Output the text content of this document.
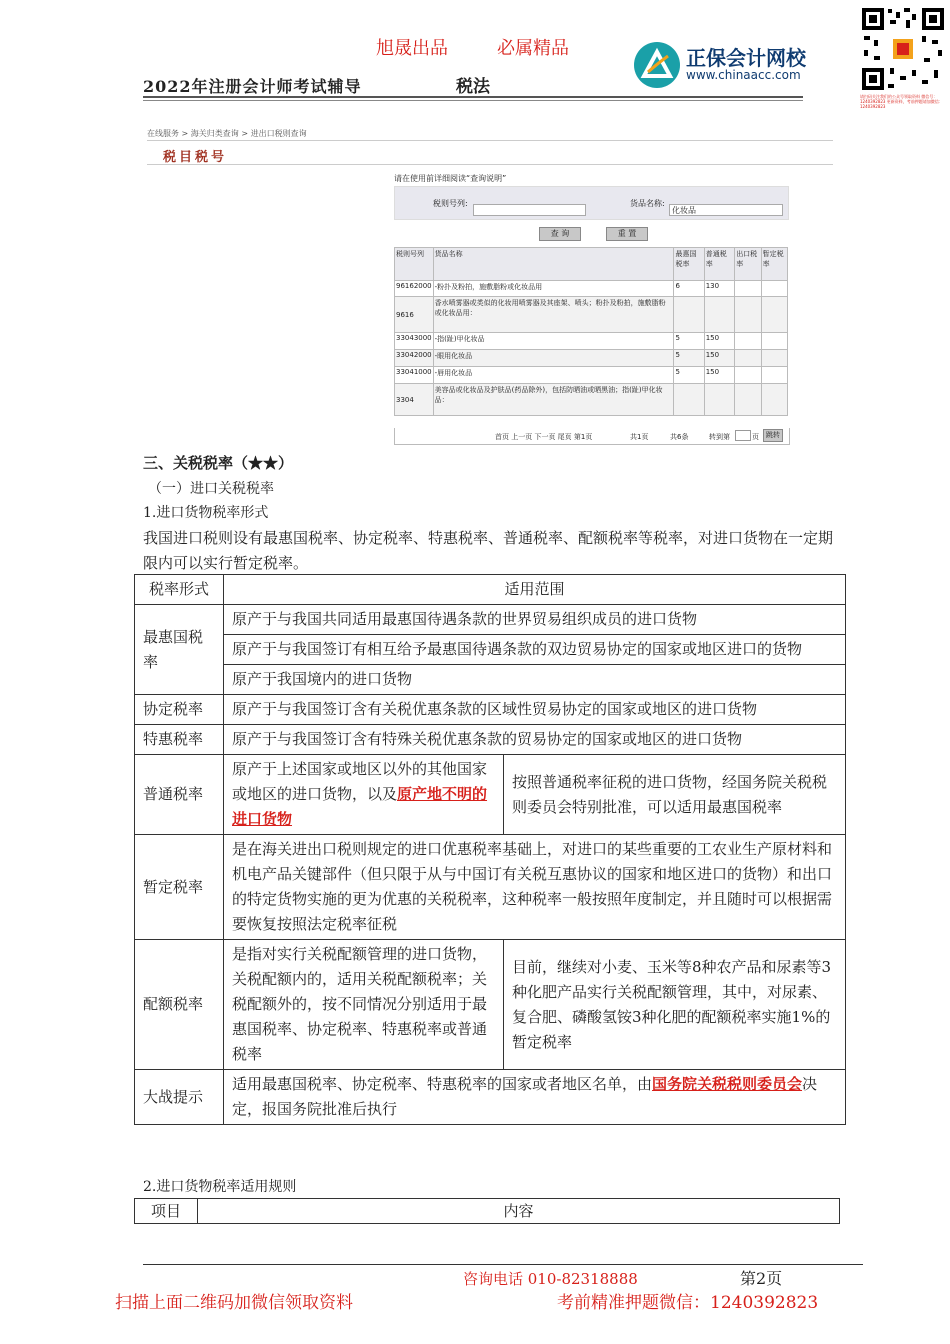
旭晟出品	必属精品	正保会计网校
www.chinaacc.com
请扫码关注我们的公众号领取资料 微信号：1240392823 更新资料，考前押题请加微信：1240392823
2022年注册会计师考试辅导	税法
在线服务 > 海关归类查询 > 进出口税则查询
税目税号
请在使用前详细阅读“查询说明”
税则号列:	货品名称:
化妆品
查 询	重 置
税则号列	货品名称	最惠国税率	普通税率	出口税率	暂定税率
96162000	-粉扑及粉拍，施敷脂粉或化妆品用	6	130		
9616	香水喷雾器或类似的化妆用喷雾器及其座架、喷头；粉扑及粉拍，施敷脂粉或化妆品用：				
33043000	-指(趾)甲化妆品	5	150		
33042000	-眼用化妆品	5	150		
33041000	-唇用化妆品	5	150		
3304	美容品或化妆品及护肤品(药品除外)，包括防晒油或晒黑油；指(趾)甲化妆品：				
首页 上一页 下一页 尾页 第1页	共1页	共6条	转到第	页	跳转
三、关税税率（★★）
（一）进口关税税率
1.进口货物税率形式
我国进口税则设有最惠国税率、协定税率、特惠税率、普通税率、配额税率等税率，对进口货物在一定期限内可以实行暂定税率。
税率形式	适用范围	
最惠国税率	原产于与我国共同适用最惠国待遇条款的世界贸易组织成员的进口货物	
	原产于与我国签订有相互给予最惠国待遇条款的双边贸易协定的国家或地区进口的货物	
	原产于我国境内的进口货物	
协定税率	原产于与我国签订含有关税优惠条款的区域性贸易协定的国家或地区的进口货物	
特惠税率	原产于与我国签订含有特殊关税优惠条款的贸易协定的国家或地区的进口货物	
普通税率	原产于上述国家或地区以外的其他国家或地区的进口货物，以及原产地不明的进口货物	按照普通税率征税的进口货物，经国务院关税税则委员会特别批准，可以适用最惠国税率
暂定税率	是在海关进出口税则规定的进口优惠税率基础上，对进口的某些重要的工农业生产原材料和机电产品关键部件（但只限于从与中国订有关税互惠协议的国家和地区进口的货物）和出口的特定货物实施的更为优惠的关税税率，这种税率一般按照年度制定，并且随时可以根据需要恢复按照法定税率征税	
配额税率	是指对实行关税配额管理的进口货物，关税配额内的，适用关税配额税率；关税配额外的，按不同情况分别适用于最惠国税率、协定税率、特惠税率或普通税率	目前，继续对小麦、玉米等8种农产品和尿素等3种化肥产品实行关税配额管理，其中，对尿素、复合肥、磷酸氢铵3种化肥的配额税率实施1%的暂定税率
大战提示	适用最惠国税率、协定税率、特惠税率的国家或者地区名单，由国务院关税税则委员会决定，报国务院批准后执行	
2.进口货物税率适用规则
项目	内容
咨询电话 010-82318888	第2页
扫描上面二维码加微信领取资料	考前精准押题微信：1240392823
